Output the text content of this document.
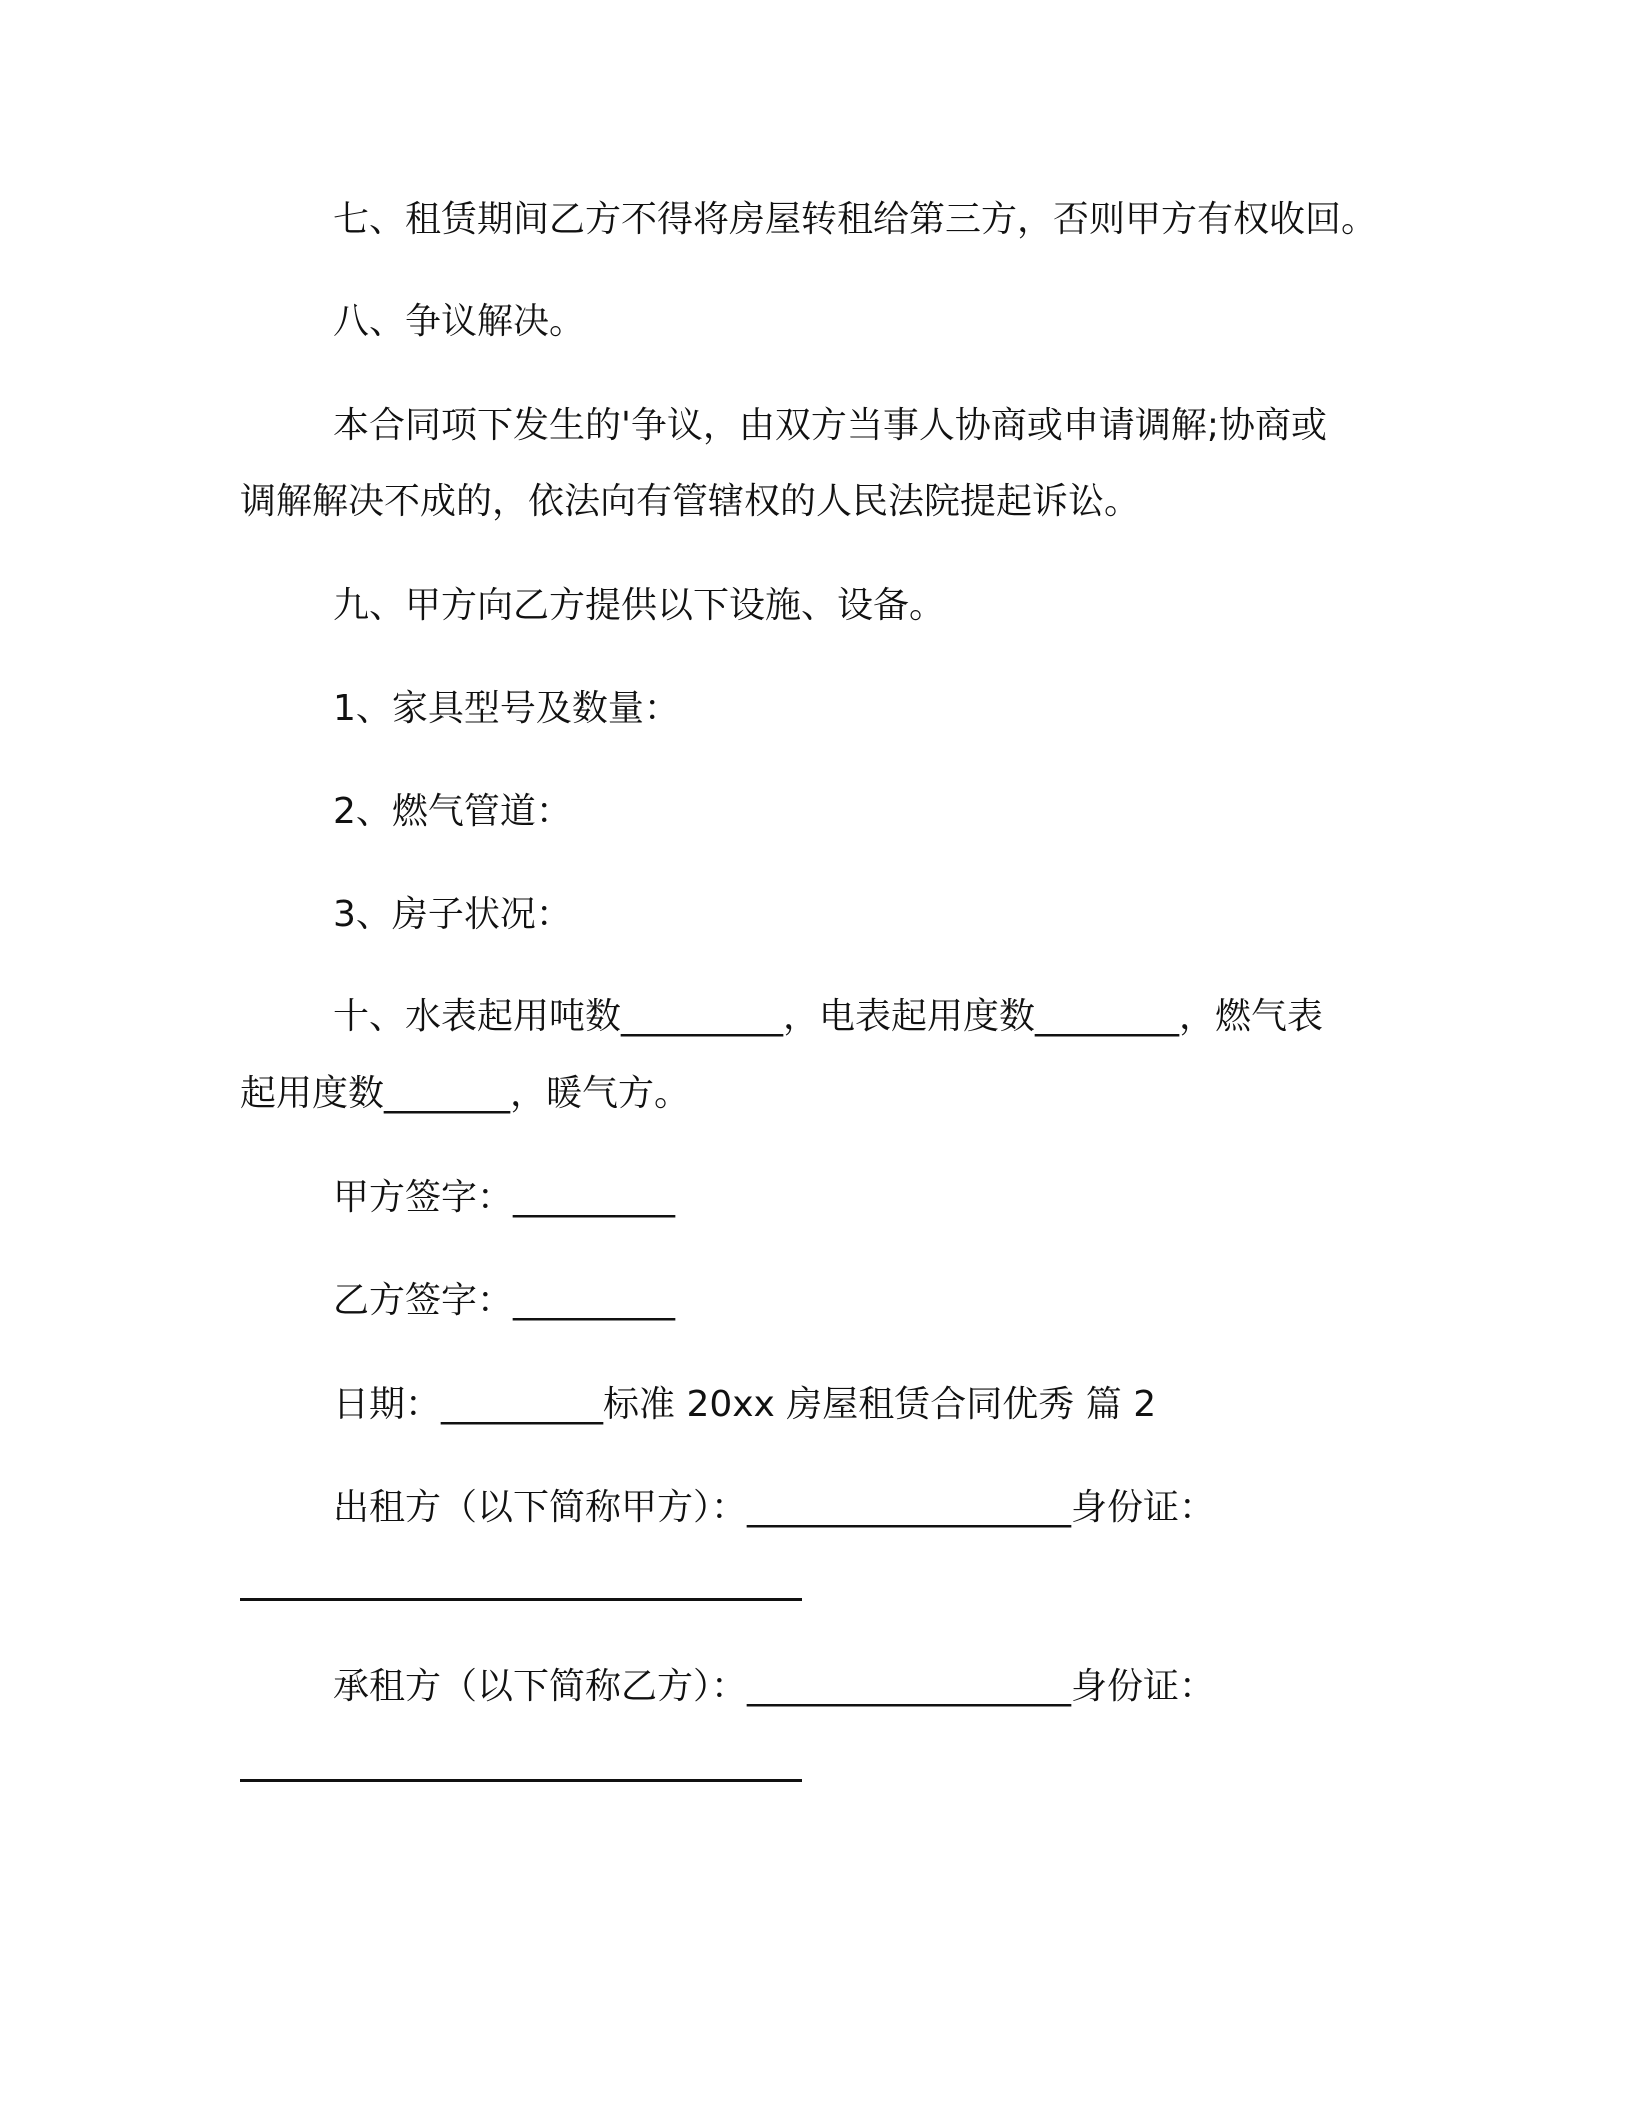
七、租赁期间乙方不得将房屋转租给第三方，否则甲方有权收回。
八、争议解决。
本合同项下发生的'争议，由双方当事人协商或申请调解;协商或
调解解决不成的，依法向有管辖权的人民法院提起诉讼。
九、甲方向乙方提供以下设施、设备。
1、家具型号及数量：
2、燃气管道：
3、房子状况：
十、水表起用吨数_________，电表起用度数________，燃气表
起用度数_______，暖气方。
甲方签字：_________
乙方签字：_________
日期：_________标准 20xx 房屋租赁合同优秀 篇 2
出租方（以下简称甲方）：__________________身份证：
承租方（以下简称乙方）：__________________身份证：
